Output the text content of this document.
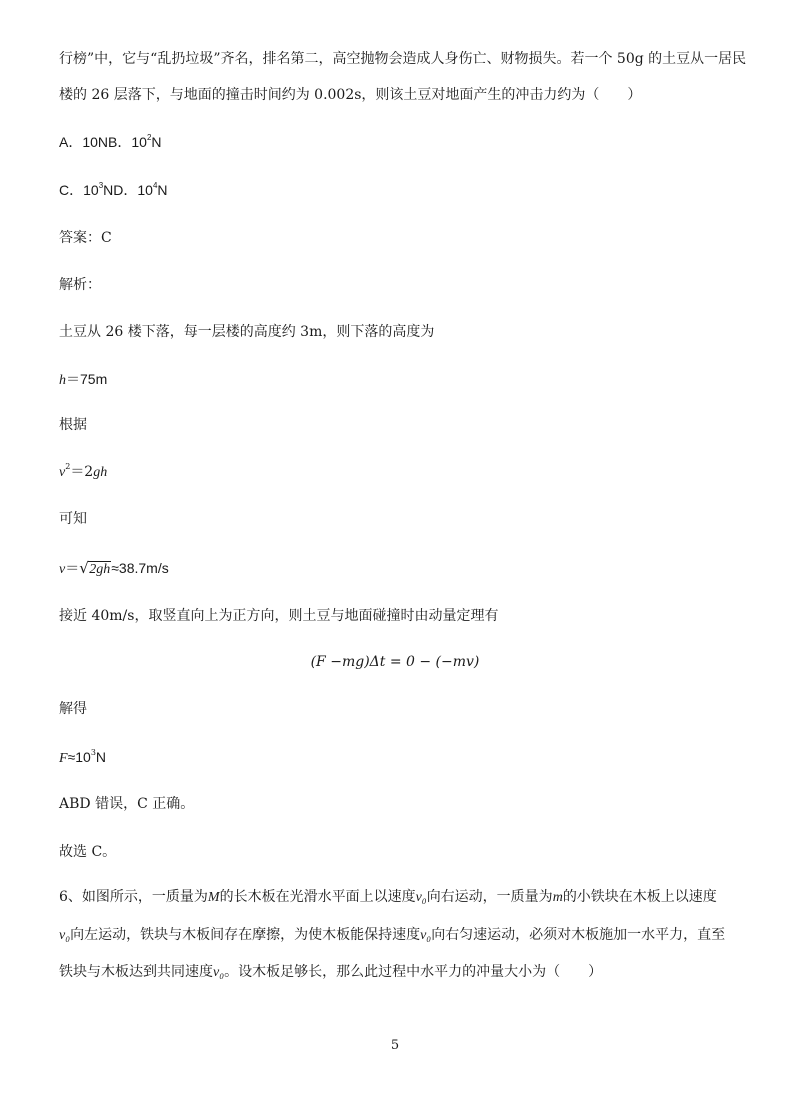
行榜”中，它与“乱扔垃圾”齐名，排名第二，高空抛物会造成人身伤亡、财物损失。若一个 50g 的土豆从一居民
楼的 26 层落下，与地面的撞击时间约为 0.002s，则该土豆对地面产生的冲击力约为（　　）
A．10NB．$10^2N$
C．$10^3ND$．$10^4N$
答案：C
解析：
土豆从 26 楼下落，每一层楼的高度约 3m，则下落的高度为
h＝75m
根据
$v^2=2gh$
可知
v＝ √ 2gh≈38.7m/s
接近 40m/s，取竖直向上为正方向，则土豆与地面碰撞时由动量定理有
(F −mg)Δt = 0 − (−mv)
解得
$F\approx 10^3N$
ABD 错误，C 正确。
故选 C。
6、如图所示，一质量为M的长木板在光滑水平面上以速度v₀向右运动，一质量为m的小铁块在木板上以速度
v₀向左运动，铁块与木板间存在摩擦，为使木板能保持速度v₀向右匀速运动，必须对木板施加一水平力，直至
铁块与木板达到共同速度v₀。设木板足够长，那么此过程中水平力的冲量大小为（　　）
5
